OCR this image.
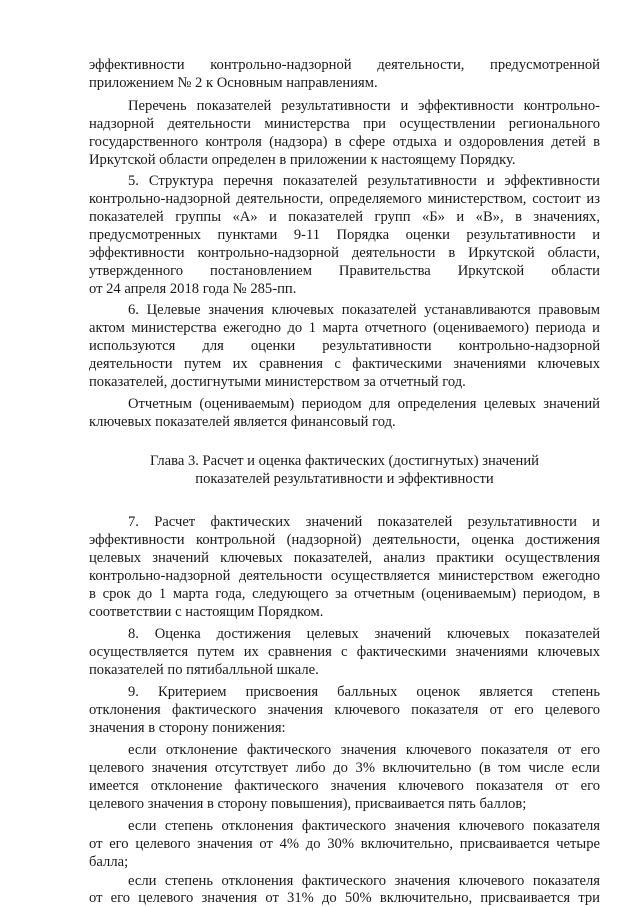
эффективности контрольно-надзорной деятельности, предусмотренной
приложением № 2 к Основным направлениям.
Перечень показателей результативности и эффективности контрольно-
надзорной деятельности министерства при осуществлении регионального
государственного контроля (надзора) в сфере отдыха и оздоровления детей в
Иркутской области определен в приложении к настоящему Порядку.
5. Структура перечня показателей результативности и эффективности
контрольно-надзорной деятельности, определяемого министерством, состоит из
показателей группы «А» и показателей групп «Б» и «В», в значениях,
предусмотренных пунктами 9-11 Порядка оценки результативности и
эффективности контрольно-надзорной деятельности в Иркутской области,
утвержденного постановлением Правительства Иркутской области
от 24 апреля 2018 года № 285-пп.
6. Целевые значения ключевых показателей устанавливаются правовым
актом министерства ежегодно до 1 марта отчетного (оцениваемого) периода и
используются для оценки результативности контрольно-надзорной
деятельности путем их сравнения с фактическими значениями ключевых
показателей, достигнутыми министерством за отчетный год.
Отчетным (оцениваемым) периодом для определения целевых значений
ключевых показателей является финансовый год.
Глава 3. Расчет и оценка фактических (достигнутых) значений
показателей результативности и эффективности
7. Расчет фактических значений показателей результативности и
эффективности контрольной (надзорной) деятельности, оценка достижения
целевых значений ключевых показателей, анализ практики осуществления
контрольно-надзорной деятельности осуществляется министерством ежегодно
в срок до 1 марта года, следующего за отчетным (оцениваемым) периодом, в
соответствии с настоящим Порядком.
8. Оценка достижения целевых значений ключевых показателей
осуществляется путем их сравнения с фактическими значениями ключевых
показателей по пятибалльной шкале.
9. Критерием присвоения балльных оценок является степень
отклонения фактического значения ключевого показателя от его целевого
значения в сторону понижения:
если отклонение фактического значения ключевого показателя от его
целевого значения отсутствует либо до 3% включительно (в том числе если
имеется отклонение фактического значения ключевого показателя от его
целевого значения в сторону повышения), присваивается пять баллов;
если степень отклонения фактического значения ключевого показателя
от его целевого значения от 4% до 30% включительно, присваивается четыре
балла;
если степень отклонения фактического значения ключевого показателя
от его целевого значения от 31% до 50% включительно, присваивается три
